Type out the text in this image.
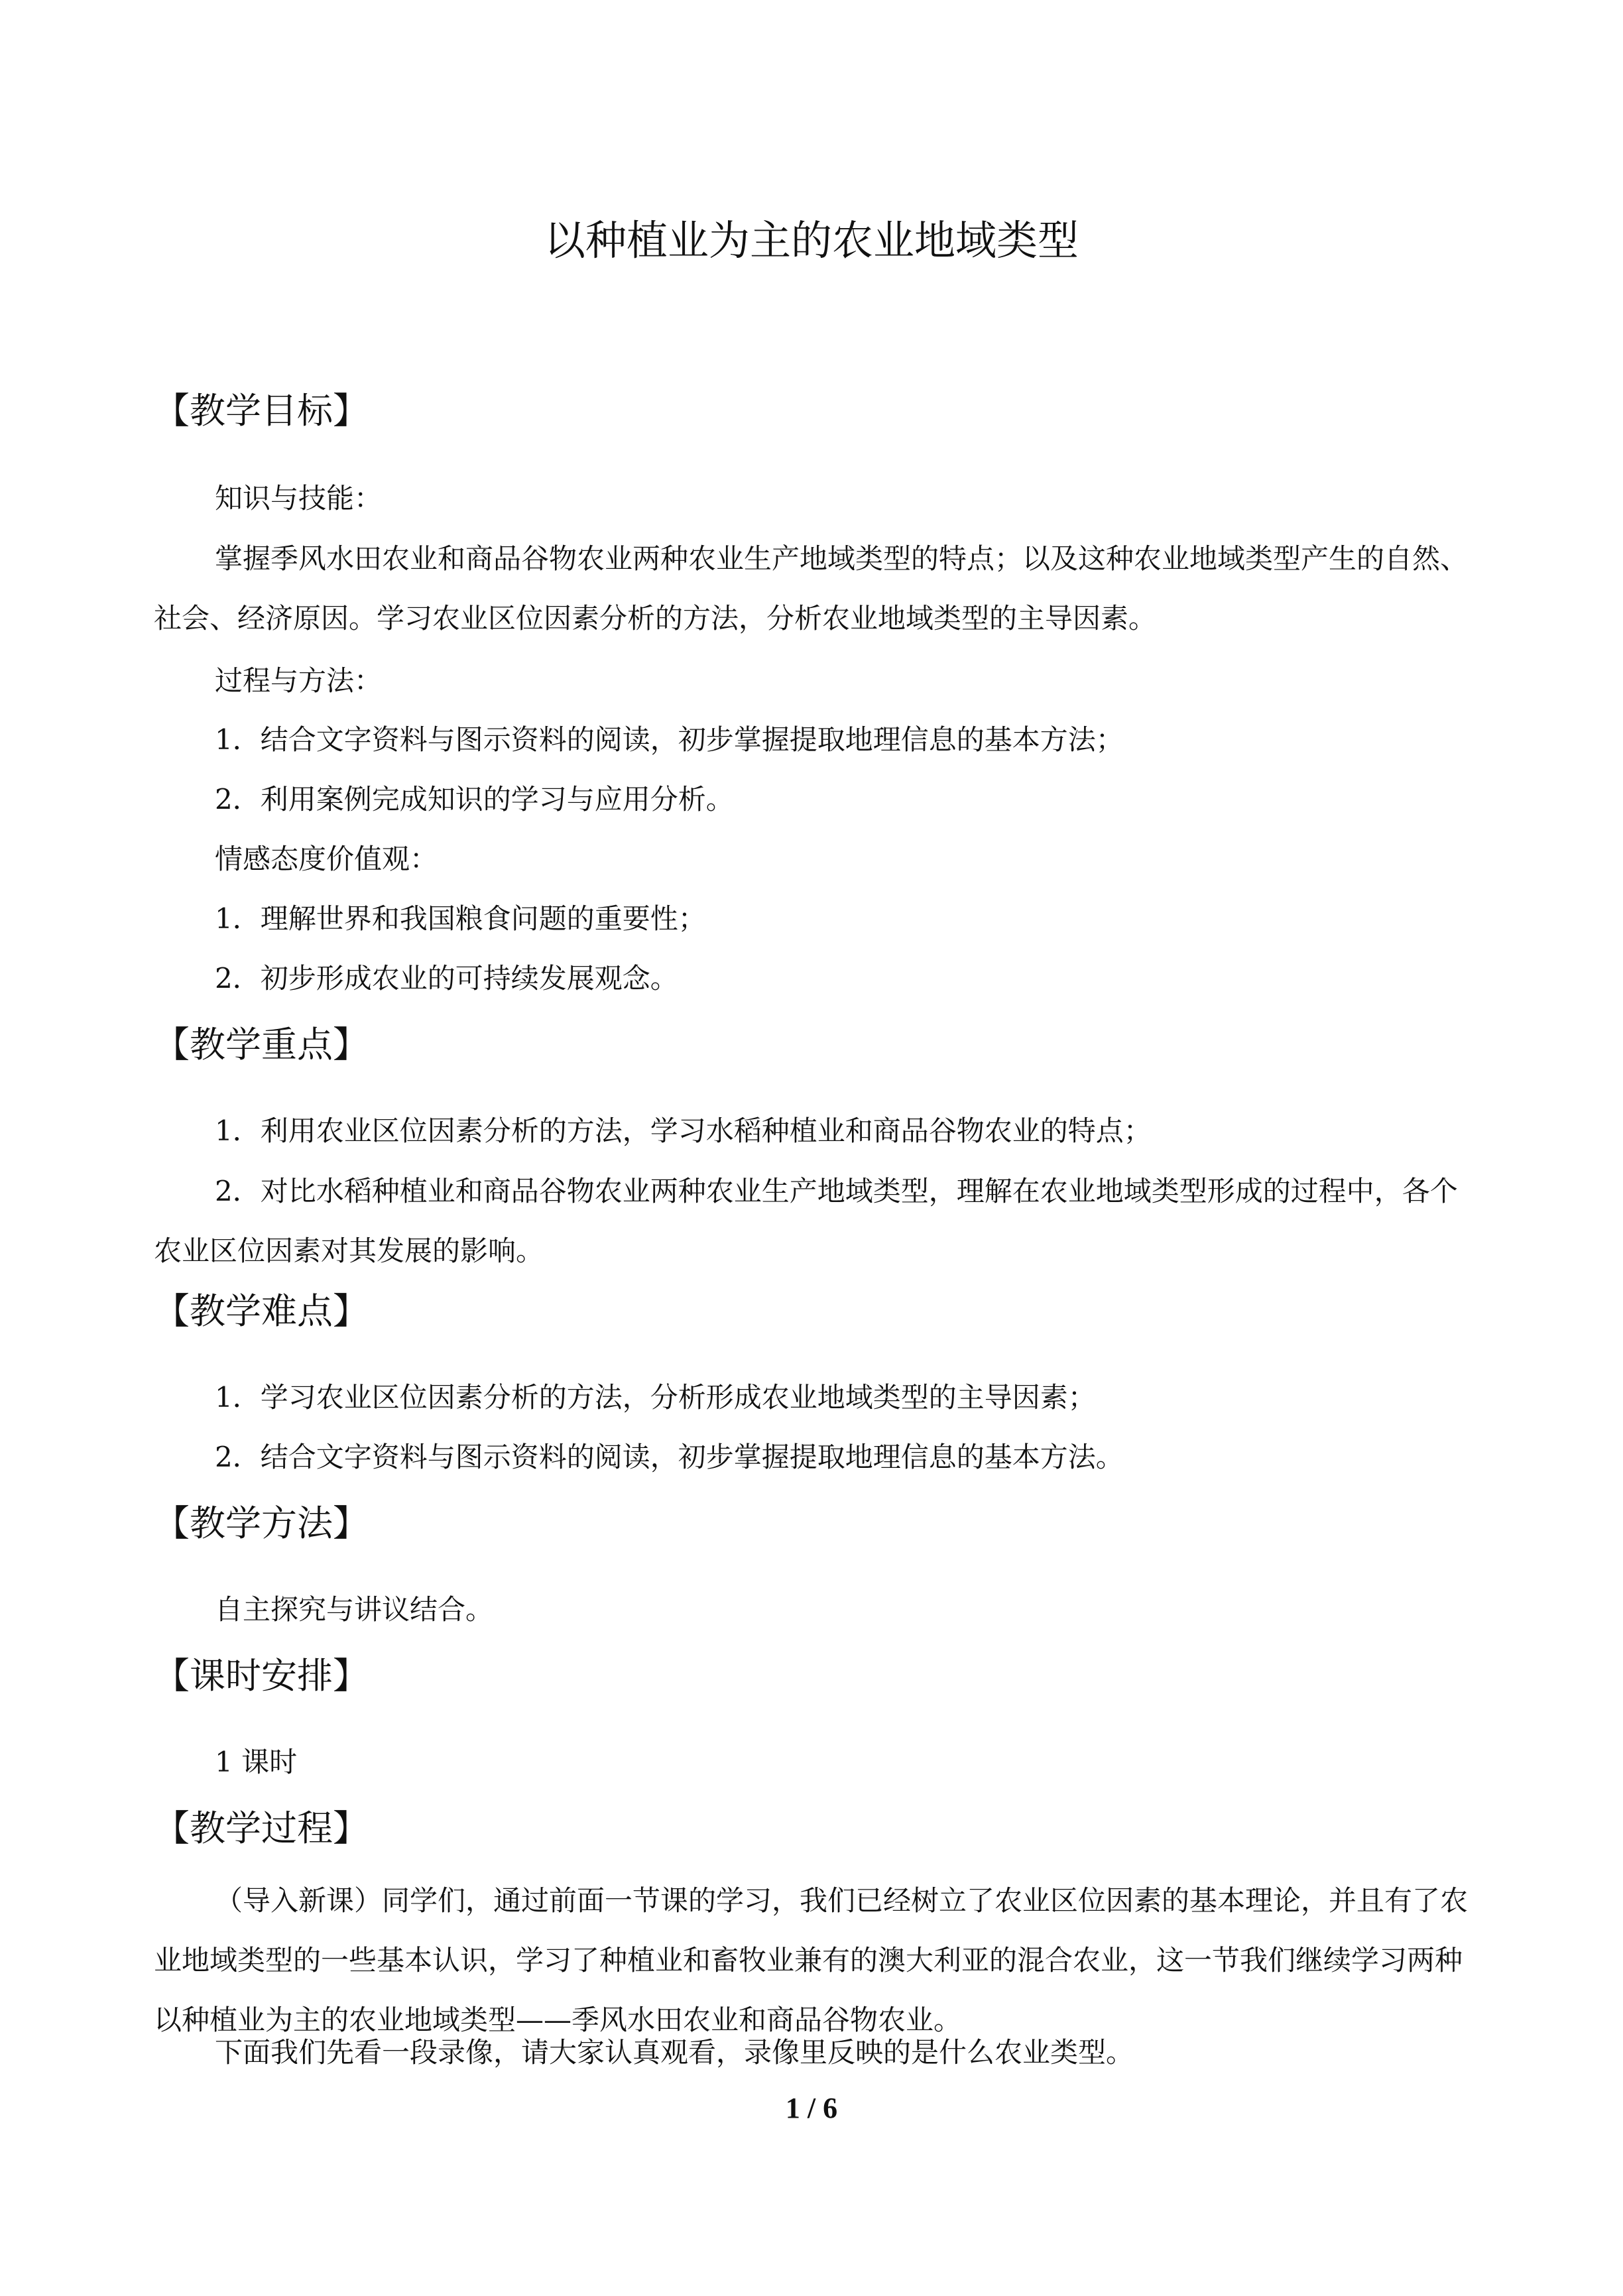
以种植业为主的农业地域类型
【教学目标】

知识与技能：

掌握季风水田农业和商品谷物农业两种农业生产地域类型的特点；以及这种农业地域类型产生的自然、社会、经济原因。学习农业区位因素分析的方法，分析农业地域类型的主导因素。

过程与方法：

1．结合文字资料与图示资料的阅读，初步掌握提取地理信息的基本方法；

2．利用案例完成知识的学习与应用分析。

情感态度价值观：

1．理解世界和我国粮食问题的重要性；

2．初步形成农业的可持续发展观念。

【教学重点】

1．利用农业区位因素分析的方法，学习水稻种植业和商品谷物农业的特点；

2．对比水稻种植业和商品谷物农业两种农业生产地域类型，理解在农业地域类型形成的过程中，各个农业区位因素对其发展的影响。

【教学难点】

1．学习农业区位因素分析的方法，分析形成农业地域类型的主导因素；

2．结合文字资料与图示资料的阅读，初步掌握提取地理信息的基本方法。

【教学方法】

自主探究与讲议结合。

【课时安排】

1 课时

【教学过程】

（导入新课）同学们，通过前面一节课的学习，我们已经树立了农业区位因素的基本理论，并且有了农业地域类型的一些基本认识，学习了种植业和畜牧业兼有的澳大利亚的混合农业，这一节我们继续学习两种以种植业为主的农业地域类型——季风水田农业和商品谷物农业。

下面我们先看一段录像，请大家认真观看，录像里反映的是什么农业类型。

1 / 6
